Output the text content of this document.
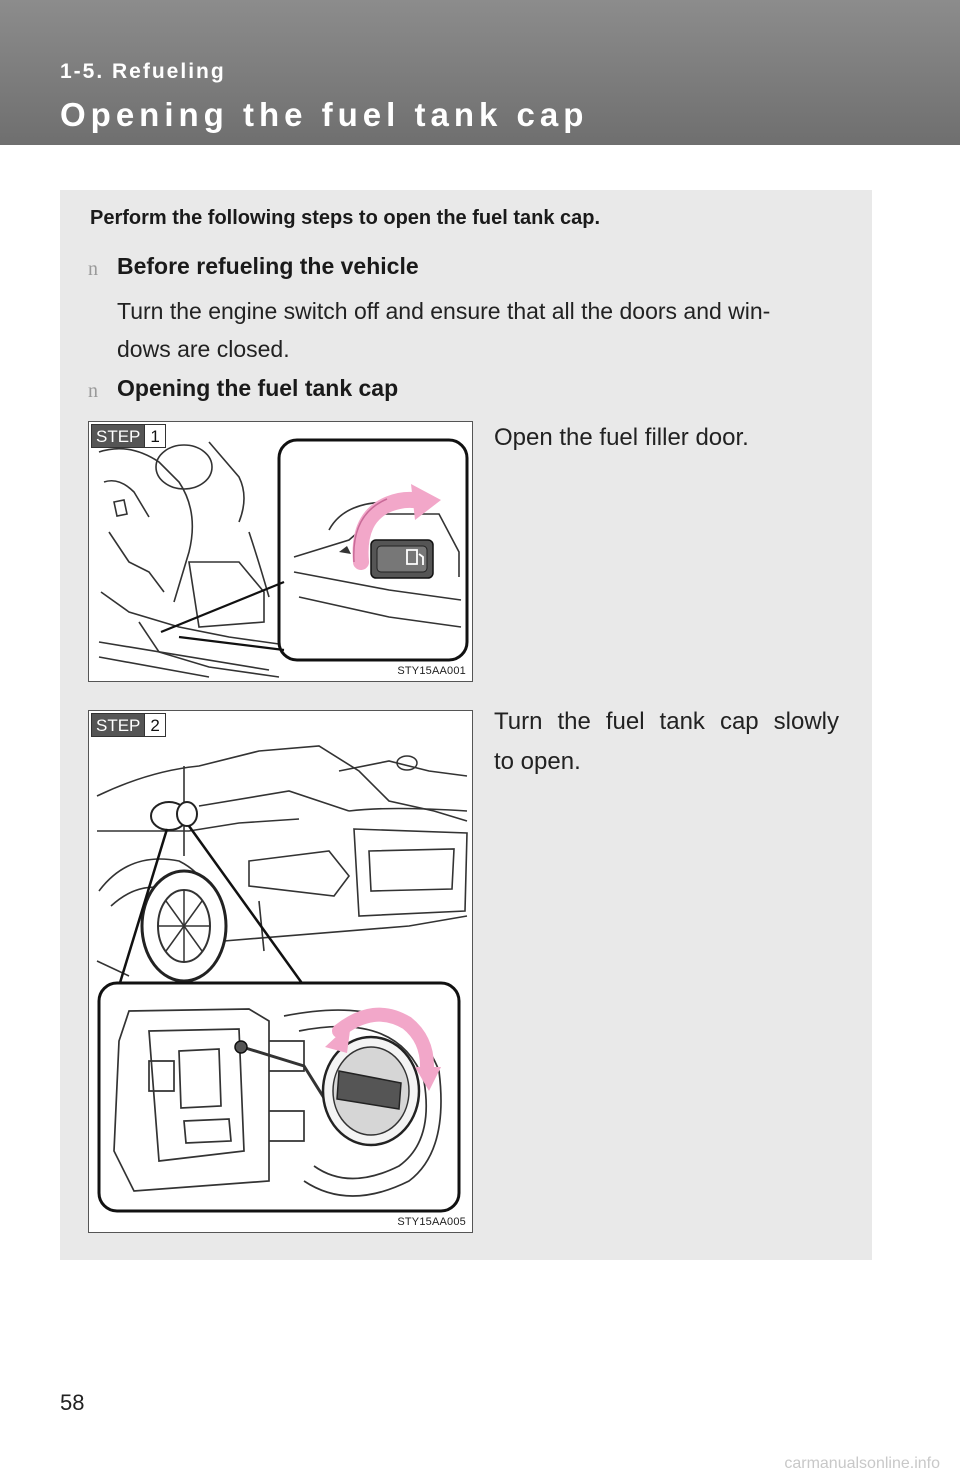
1-5. Refueling
Opening the fuel tank cap
Perform the following steps to open the fuel tank cap.
n Before refueling the vehicle
Turn the engine switch off and ensure that all the doors and win-
dows are closed.
n Opening the fuel tank cap
STEP 1
STY15AA001
Open the fuel filler door.
STEP 2
STY15AA005
Turn the fuel tank cap slowly
to open.
58
carmanualsonline.info
